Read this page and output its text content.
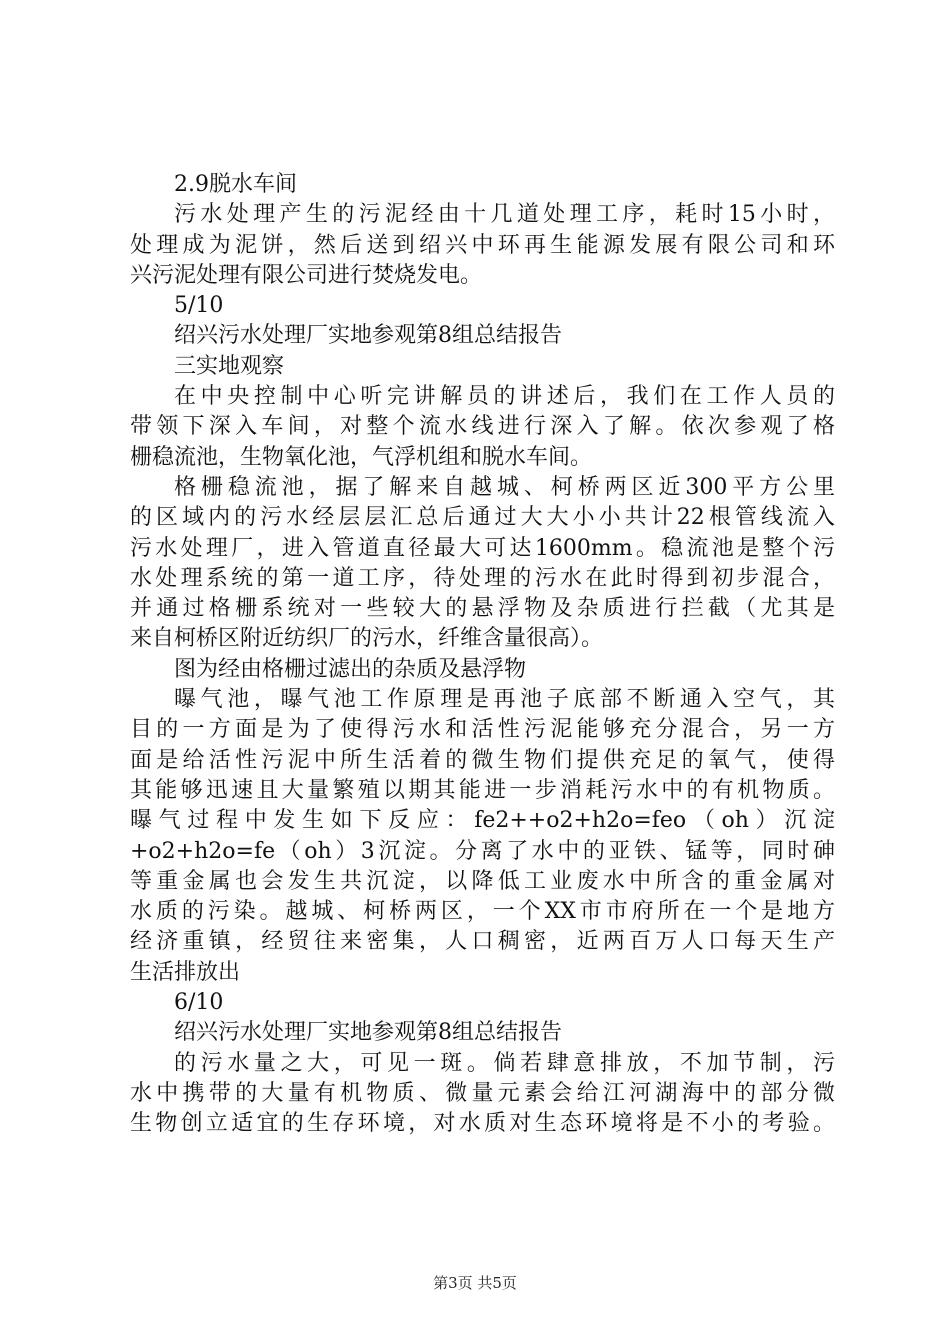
2.9脱水车间
污水处理产生的污泥经由十几道处理工序，耗时15小时，
处理成为泥饼，然后送到绍兴中环再生能源发展有限公司和环
兴污泥处理有限公司进行焚烧发电。
5/10
绍兴污水处理厂实地参观第8组总结报告
三实地观察
在中央控制中心听完讲解员的讲述后，我们在工作人员的
带领下深入车间，对整个流水线进行深入了解。依次参观了格
栅稳流池，生物氧化池，气浮机组和脱水车间。
格栅稳流池，据了解来自越城、柯桥两区近300平方公里
的区域内的污水经层层汇总后通过大大小小共计22根管线流入
污水处理厂，进入管道直径最大可达1600mm。稳流池是整个污
水处理系统的第一道工序，待处理的污水在此时得到初步混合，
并通过格栅系统对一些较大的悬浮物及杂质进行拦截（尤其是
来自柯桥区附近纺织厂的污水，纤维含量很高）。
图为经由格栅过滤出的杂质及悬浮物
曝气池，曝气池工作原理是再池子底部不断通入空气，其
目的一方面是为了使得污水和活性污泥能够充分混合，另一方
面是给活性污泥中所生活着的微生物们提供充足的氧气，使得
其能够迅速且大量繁殖以期其能进一步消耗污水中的有机物质。
曝气过程中发生如下反应：fe2++o2+h2o=feo（oh）沉淀
+o2+h2o=fe（oh）3沉淀。分离了水中的亚铁、锰等，同时砷
等重金属也会发生共沉淀，以降低工业废水中所含的重金属对
水质的污染。越城、柯桥两区，一个XX市市府所在一个是地方
经济重镇，经贸往来密集，人口稠密，近两百万人口每天生产
生活排放出
6/10
绍兴污水处理厂实地参观第8组总结报告
的污水量之大，可见一斑。倘若肆意排放，不加节制，污
水中携带的大量有机物质、微量元素会给江河湖海中的部分微
生物创立适宜的生存环境，对水质对生态环境将是不小的考验。
第3页 共5页
